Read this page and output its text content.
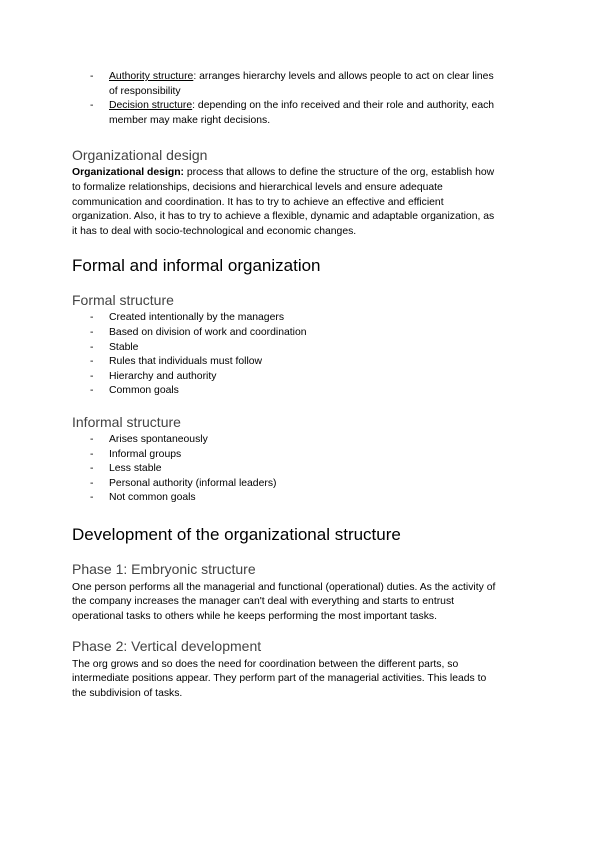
- Authority structure: arranges hierarchy levels and allows people to act on clear lines
of responsibility
- Decision structure: depending on the info received and their role and authority, each
member may make right decisions.
Organizational design

Organizational design: process that allows to define the structure of the org, establish how
to formalize relationships, decisions and hierarchical levels and ensure adequate
communication and coordination. It has to try to achieve an effective and efficient
organization. Also, it has to try to achieve a flexible, dynamic and adaptable organization, as
it has to deal with socio-technological and economic changes.

Formal and informal organization
Formal structure
- Created intentionally by the managers
- Based on division of work and coordination
- Stable
- Rules that individuals must follow
- Hierarchy and authority
- Common goals
Informal structure
- Arises spontaneously
- Informal groups
- Less stable
- Personal authority (informal leaders)
- Not common goals
Development of the organizational structure
Phase 1: Embryonic structure

One person performs all the managerial and functional (operational) duties. As the activity of
the company increases the manager can't deal with everything and starts to entrust
operational tasks to others while he keeps performing the most important tasks.

Phase 2: Vertical development

The org grows and so does the need for coordination between the different parts, so
intermediate positions appear. They perform part of the managerial activities. This leads to
the subdivision of tasks.
